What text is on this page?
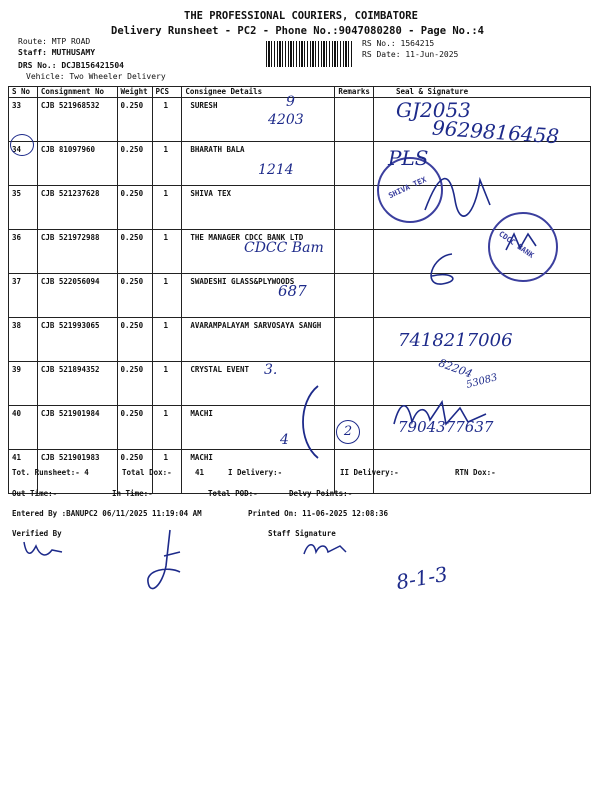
THE PROFESSIONAL COURIERS, COIMBATORE
Delivery Runsheet - PC2 - Phone No.:9047080280 - Page No.:4
Route: MTP ROAD
Staff: MUTHUSAMY
DRS No.: DCJB156421504
Vehicle: Two Wheeler Delivery
RS No.: 1564215
RS Date: 11-Jun-2025
S No	Consignment No	Weight	PCS	Consignee Details	Remarks	Seal & Signature
33	CJB 521968532	0.250	1	SURESH		
34	CJB 81097960	0.250	1	BHARATH BALA		
35	CJB 521237628	0.250	1	SHIVA TEX		
36	CJB 521972988	0.250	1	THE MANAGER CDCC BANK LTD		
37	CJB 522056094	0.250	1	SWADESHI GLASS&PLYWOODS		
38	CJB 521993065	0.250	1	AVARAMPALAYAM SARVOSAYA SANGH		
39	CJB 521894352	0.250	1	CRYSTAL EVENT		
40	CJB 521901984	0.250	1	MACHI		
41	CJB 521901983	0.250	1	MACHI		
SHIVA TEX
CDCC BANK
9
4203	GJ2053
9629816458
PLS
1214
CDCC Bam
687
7418217006
3.	82204
53083
4
2	7904377637
Tot. Runsheet:- 4	Total Dox:-	41	I Delivery:-	II Delivery:-	RTN Dox:-
Out Time:-	In Time:-	Total POD:-	Delvy Points:-
Entered By :BANUPC2 06/11/2025 11:19:04 AM	Printed On: 11-06-2025 12:08:36
Verified By	Staff Signature
8-1-3
